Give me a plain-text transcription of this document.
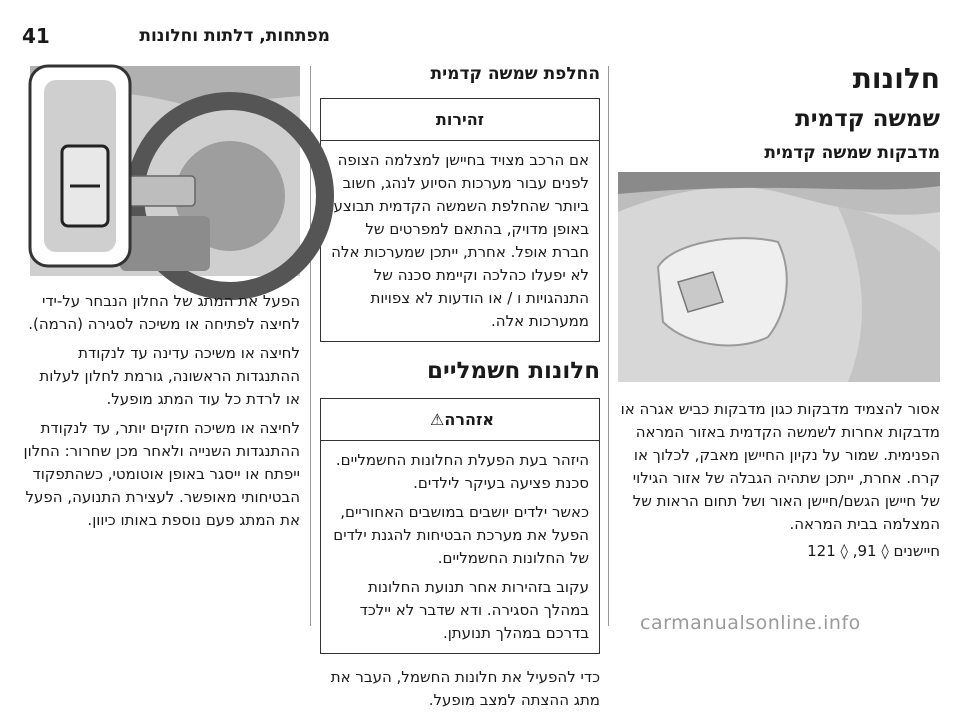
מפתחות, דלתות וחלונות
41
חלונות
שמשה קדמית
מדבקות שמשה קדמית

אסור להצמיד מדבקות כגון מדבקות כביש אגרה או מדבקות אחרות לשמשה הקדמית באזור המראה הפנימית. שמור על נקיון החיישן מאבק, לכלוך או קרח. אחרת, ייתכן שתהיה הגבלה של אזור הגילוי של חיישן הגשם/חיישן האור ושל תחום הראות של המצלמה בבית המראה.

חיישנים ◊ 91, ◊ 121

החלפת שמשה קדמית
זהירות

אם הרכב מצויד בחיישן למצלמה הצופה לפנים עבור מערכות הסיוע לנהג, חשוב ביותר שהחלפת השמשה הקדמית תבוצע באופן מדויק, בהתאם למפרטים של חברת אופל. אחרת, ייתכן שמערכות אלה לא יפעלו כהלכה וקיימת סכנה של התנהגויות ו / או הודעות לא צפויות ממערכות אלה.

חלונות חשמליים
אזהרה
⚠

היזהר בעת הפעלת החלונות החשמליים. סכנת פציעה בעיקר לילדים.

כאשר ילדים יושבים במושבים האחוריים, הפעל את מערכת הבטיחות להגנת ילדים של החלונות החשמליים.

עקוב בזהירות אחר תנועת החלונות במהלך הסגירה. ודא שדבר לא יילכד בדרכם במהלך תנועתן.

כדי להפעיל את חלונות החשמל, העבר את מתג ההצתה למצב מופעל.

הפעל את המתג של החלון הנבחר על-ידי לחיצה לפתיחה או משיכה לסגירה (הרמה).

לחיצה או משיכה עדינה עד לנקודת ההתנגדות הראשונה, גורמת לחלון לעלות או לרדת כל עוד המתג מופעל.

לחיצה או משיכה חזקים יותר, עד לנקודת ההתנגדות השנייה ולאחר מכן שחרור: החלון ייפתח או ייסגר באופן אוטומטי, כשהתפקוד הבטיחותי מאופשר. לעצירת התנועה, הפעל את המתג פעם נוספת באותו כיוון.

carmanualsonline.info
